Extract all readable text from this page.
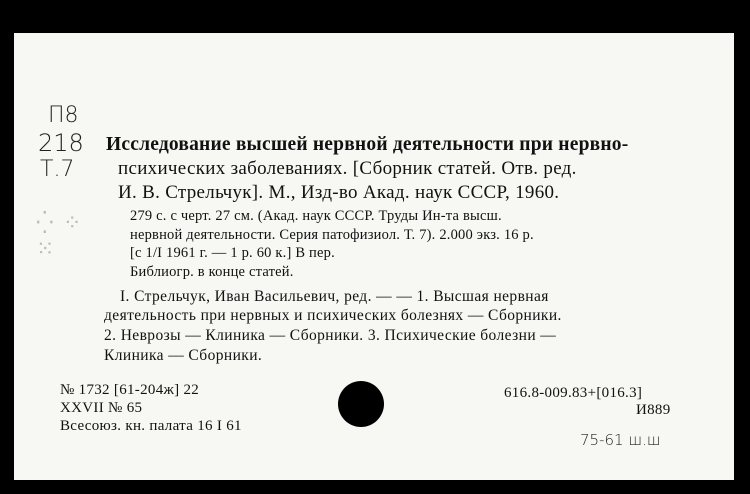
П8
218
Т.7
⁛ ⁘ ⁙
Исследование высшей нервной деятельности при нервно-
психических заболеваниях. [Сборник статей. Отв. ред.
И. В. Стрельчук]. М., Изд-во Акад. наук СССР, 1960.
279 с. с черт. 27 см. (Акад. наук СССР. Труды Ин-та высш.
нервной деятельности. Серия патофизиол. Т. 7). 2.000 экз. 16 р.
[с 1/I 1961 г. — 1 р. 60 к.] В пер.
Библиогр. в конце статей.
I. Стрельчук, Иван Васильевич, ред. — — 1. Высшая нервная
деятельность при нервных и психических болезнях — Сборники.
2. Неврозы — Клиника — Сборники. 3. Психические болезни —
Клиника — Сборники.
№ 1732 [61-204ж] 22
XXVII № 65
Всесоюз. кн. палата 16 I 61
616.8-009.83+[016.3]
И889
75-61 ш.ш
